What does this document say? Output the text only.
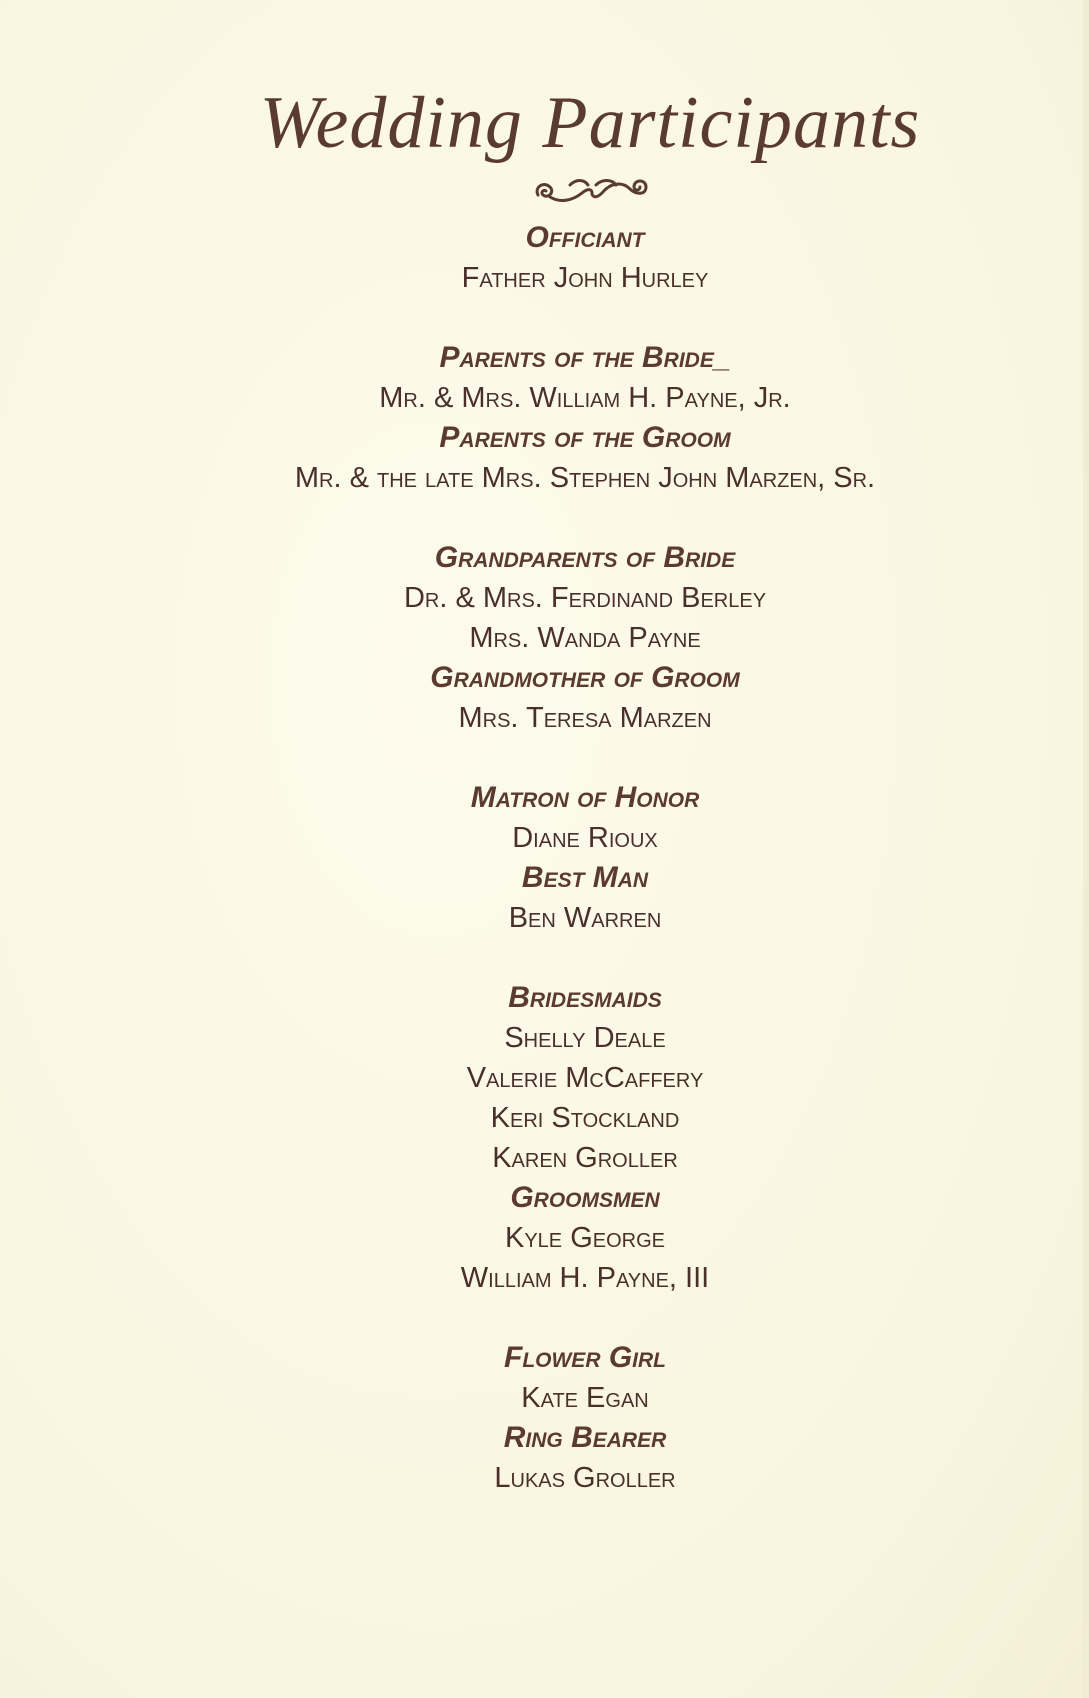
Wedding Participants
Officiant
Father John Hurley
Parents of the Bride_
Mr. & Mrs. William H. Payne, Jr.
Parents of the Groom
Mr. & the late Mrs. Stephen John Marzen, Sr.
Grandparents of Bride
Dr. & Mrs. Ferdinand Berley
Mrs. Wanda Payne
Grandmother of Groom
Mrs. Teresa Marzen
Matron of Honor
Diane Rioux
Best Man
Ben Warren
Bridesmaids
Shelly Deale
Valerie McCaffery
Keri Stockland
Karen Groller
Groomsmen
Kyle George
William H. Payne, III
Flower Girl
Kate Egan
Ring Bearer
Lukas Groller
